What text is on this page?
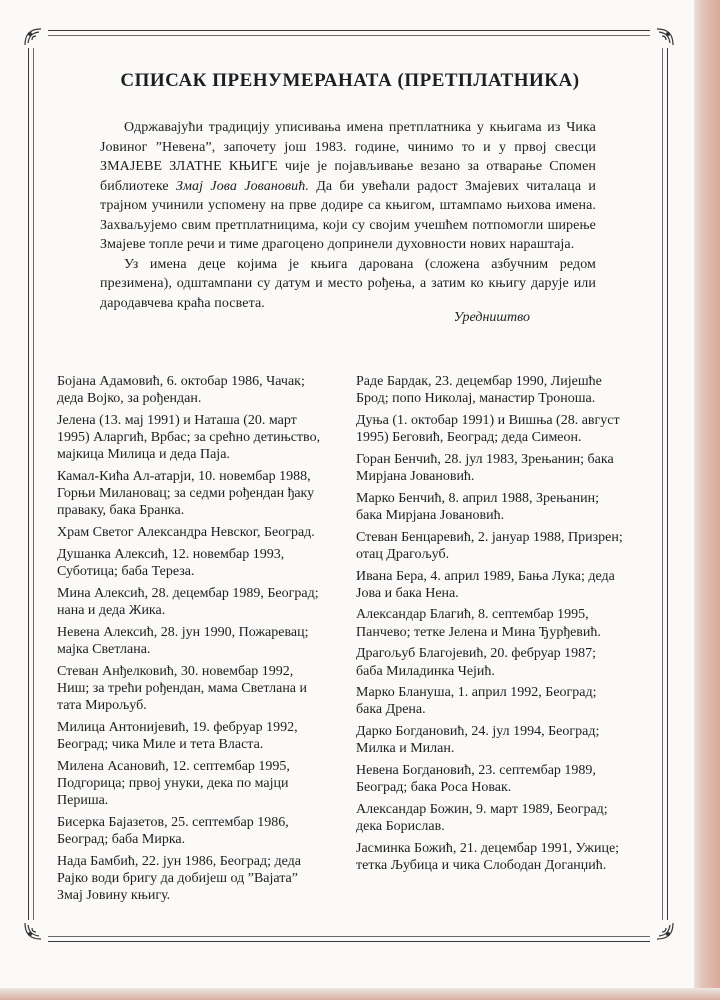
СПИСАК ПРЕНУМЕРАНАТА (ПРЕТПЛАТНИКА)

Одржавајући традицију уписивања имена претплатника у књигама из Чика Јовиног ”Невена”, започету још 1983. године, чинимо то и у првој свесци ЗМАЈЕВЕ ЗЛАТНЕ КЊИГЕ чије је појављивање везано за отварање Спомен библиотеке Змај Јова Јовановић. Да би увећали радост Змајевих читалаца и трајном учинили успомену на прве додире са књигом, штампамо њихова имена. Захваљујемо свим претплатницима, који су својим учешћем потпомогли ширење Змајеве топле речи и тиме драгоцено допринели духовности нових нараштаја.

Уз имена деце којима је књига дарована (сложена азбучним редом презимена), одштампани су датум и место рођења, а затим ко књигу дарује или дародавчева краћа посвета.

Уредништво
Бојана Адамовић, 6. октобар 1986, Чачак; деда Војко, за рођендан.
Јелена (13. мај 1991) и Наташа (20. март 1995) Аларгић, Врбас; за срећно детињство, мајкица Милица и деда Паја.
Камал-Кића Ал-атарји, 10. новембар 1988, Горњи Милановац; за седми рођендан ђаку праваку, бака Бранка.
Храм Светог Александра Невског, Београд.
Душанка Алексић, 12. новембар 1993, Суботица; баба Тереза.
Мина Алексић, 28. децембар 1989, Београд; нана и деда Жика.
Невена Алексић, 28. јун 1990, Пожаревац; мајка Светлана.
Стеван Анђелковић, 30. новембар 1992, Ниш; за трећи рођендан, мама Светлана и тата Мирољуб.
Милица Антонијевић, 19. фебруар 1992, Београд; чика Миле и тета Власта.
Милена Асановић, 12. септембар 1995, Подгорица; првој унуки, дека по мајци Периша.
Бисерка Бајазетов, 25. септембар 1986, Београд; баба Мирка.
Нада Бамбић, 22. јун 1986, Београд; деда Рајко води бригу да добијеш од ”Вајата” Змај Јовину књигу.
Раде Бардак, 23. децембар 1990, Лијешће Брод; попо Николај, манастир Троноша.
Дуња (1. октобар 1991) и Вишња (28. август 1995) Беговић, Београд; деда Симеон.
Горан Бенчић, 28. јул 1983, Зрењанин; бака Мирјана Јовановић.
Марко Бенчић, 8. април 1988, Зрењанин; бака Мирјана Јовановић.
Стеван Бенцаревић, 2. јануар 1988, Призрен; отац Драгољуб.
Ивана Бера, 4. април 1989, Бања Лука; деда Јова и бака Нена.
Александар Благић, 8. септембар 1995, Панчево; тетке Јелена и Мина Ђурђевић.
Драгољуб Благојевић, 20. фебруар 1987; баба Миладинка Чејић.
Марко Блануша, 1. април 1992, Београд; бака Дрена.
Дарко Богдановић, 24. јул 1994, Београд; Милка и Милан.
Невена Богдановић, 23. септембар 1989, Београд; бака Роса Новак.
Александар Божин, 9. март 1989, Београд; дека Борислав.
Јасминка Божић, 21. децембар 1991, Ужице; тетка Љубица и чика Слободан Доганџић.
